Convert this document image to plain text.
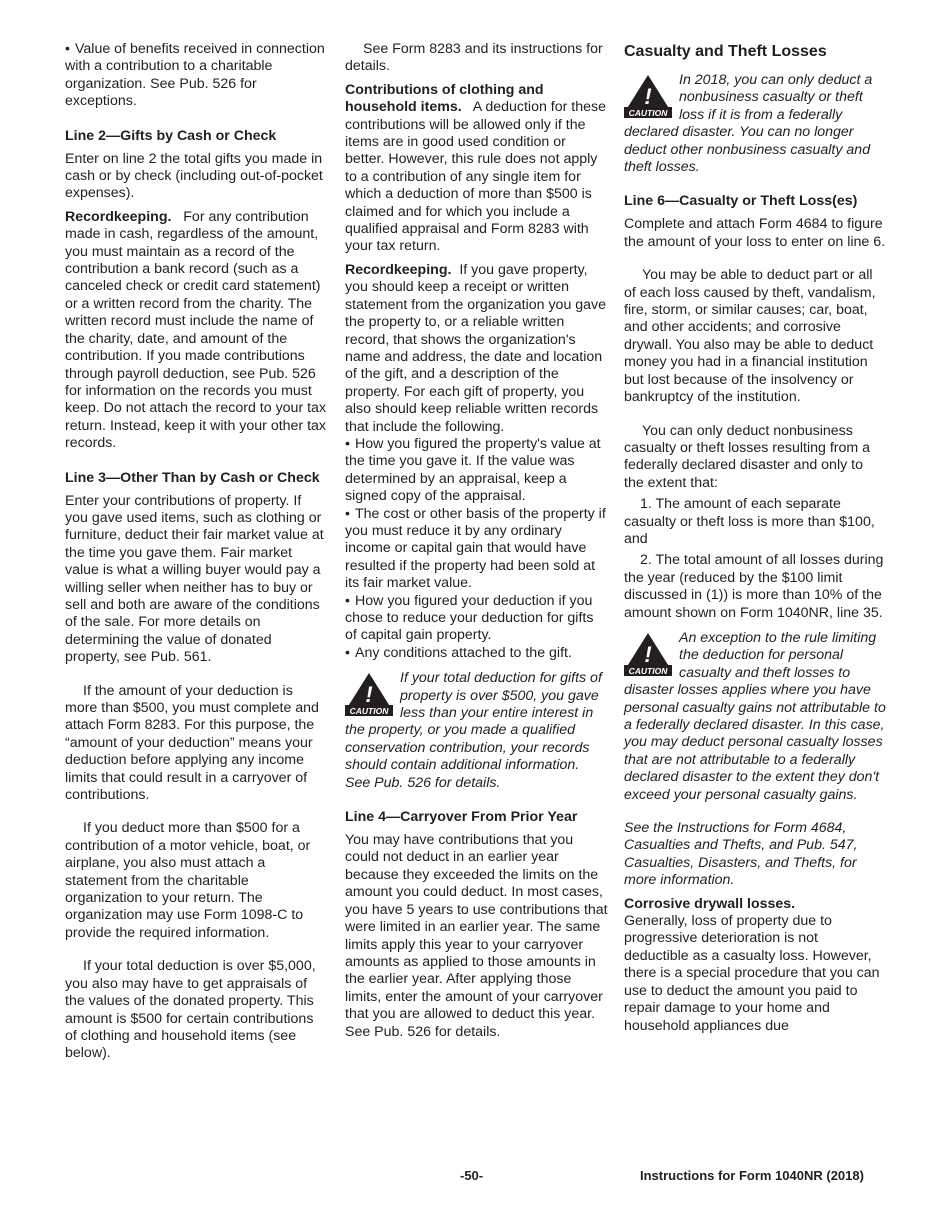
• Value of benefits received in connection with a contribution to a charitable organization. See Pub. 526 for exceptions.

Line 2—Gifts by Cash or Check

Enter on line 2 the total gifts you made in cash or by check (including out-of-pocket expenses).

Recordkeeping. For any contribution made in cash, regardless of the amount, you must maintain as a record of the contribution a bank record (such as a canceled check or credit card statement) or a written record from the charity. The written record must include the name of the charity, date, and amount of the contribution. If you made contributions through payroll deduction, see Pub. 526 for information on the records you must keep. Do not attach the record to your tax return. Instead, keep it with your other tax records.

Line 3—Other Than by Cash or Check

Enter your contributions of property. If you gave used items, such as clothing or furniture, deduct their fair market value at the time you gave them. Fair market value is what a willing buyer would pay a willing seller when neither has to buy or sell and both are aware of the conditions of the sale. For more details on determining the value of donated property, see Pub. 561.

If the amount of your deduction is more than $500, you must complete and attach Form 8283. For this purpose, the “amount of your deduction” means your deduction before applying any income limits that could result in a carryover of contributions.

If you deduct more than $500 for a contribution of a motor vehicle, boat, or airplane, you also must attach a statement from the charitable organization to your return. The organization may use Form 1098-C to provide the required information.

If your total deduction is over $5,000, you also may have to get appraisals of the values of the donated property. This amount is $500 for certain contributions of clothing and household items (see below).

See Form 8283 and its instructions for details.

Contributions of clothing and household items. A deduction for these contributions will be allowed only if the items are in good used condition or better. However, this rule does not apply to a contribution of any single item for which a deduction of more than $500 is claimed and for which you include a qualified appraisal and Form 8283 with your tax return.

Recordkeeping. If you gave property, you should keep a receipt or written statement from the organization you gave the property to, or a reliable written record, that shows the organization's name and address, the date and location of the gift, and a description of the property. For each gift of property, you also should keep reliable written records that include the following.

• How you figured the property's value at the time you gave it. If the value was determined by an appraisal, keep a signed copy of the appraisal.

• The cost or other basis of the property if you must reduce it by any ordinary income or capital gain that would have resulted if the property had been sold at its fair market value.

• How you figured your deduction if you chose to reduce your deduction for gifts of capital gain property.

• Any conditions attached to the gift.

!
CAUTION
If your total deduction for gifts of property is over $500, you gave less than your entire interest in the property, or you made a qualified conservation contribution, your records should contain additional information. See Pub. 526 for details.
Line 4—Carryover From Prior Year

You may have contributions that you could not deduct in an earlier year because they exceeded the limits on the amount you could deduct. In most cases, you have 5 years to use contributions that were limited in an earlier year. The same limits apply this year to your carryover amounts as applied to those amounts in the earlier year. After applying those limits, enter the amount of your carryover that you are allowed to deduct this year. See Pub. 526 for details.

Casualty and Theft Losses
!
CAUTION
In 2018, you can only deduct a nonbusiness casualty or theft loss if it is from a federally declared disaster. You can no longer deduct other nonbusiness casualty and theft losses.
Line 6—Casualty or Theft Loss(es)

Complete and attach Form 4684 to figure the amount of your loss to enter on line 6.

You may be able to deduct part or all of each loss caused by theft, vandalism, fire, storm, or similar causes; car, boat, and other accidents; and corrosive drywall. You also may be able to deduct money you had in a financial institution but lost because of the insolvency or bankruptcy of the institution.

You can only deduct nonbusiness casualty or theft losses resulting from a federally declared disaster and only to the extent that:

1. The amount of each separate casualty or theft loss is more than $100, and

2. The total amount of all losses during the year (reduced by the $100 limit discussed in (1)) is more than 10% of the amount shown on Form 1040NR, line 35.

!
CAUTION
An exception to the rule limiting the deduction for personal casualty and theft losses to disaster losses applies where you have personal casualty gains not attributable to a federally declared disaster. In this case, you may deduct personal casualty losses that are not attributable to a federally declared disaster to the extent they don't exceed your personal casualty gains.

See the Instructions for Form 4684, Casualties and Thefts, and Pub. 547, Casualties, Disasters, and Thefts, for more information.

Corrosive drywall losses.
Generally, loss of property due to progressive deterioration is not deductible as a casualty loss. However, there is a special procedure that you can use to deduct the amount you paid to repair damage to your home and household appliances due

-50-	Instructions for Form 1040NR (2018)
